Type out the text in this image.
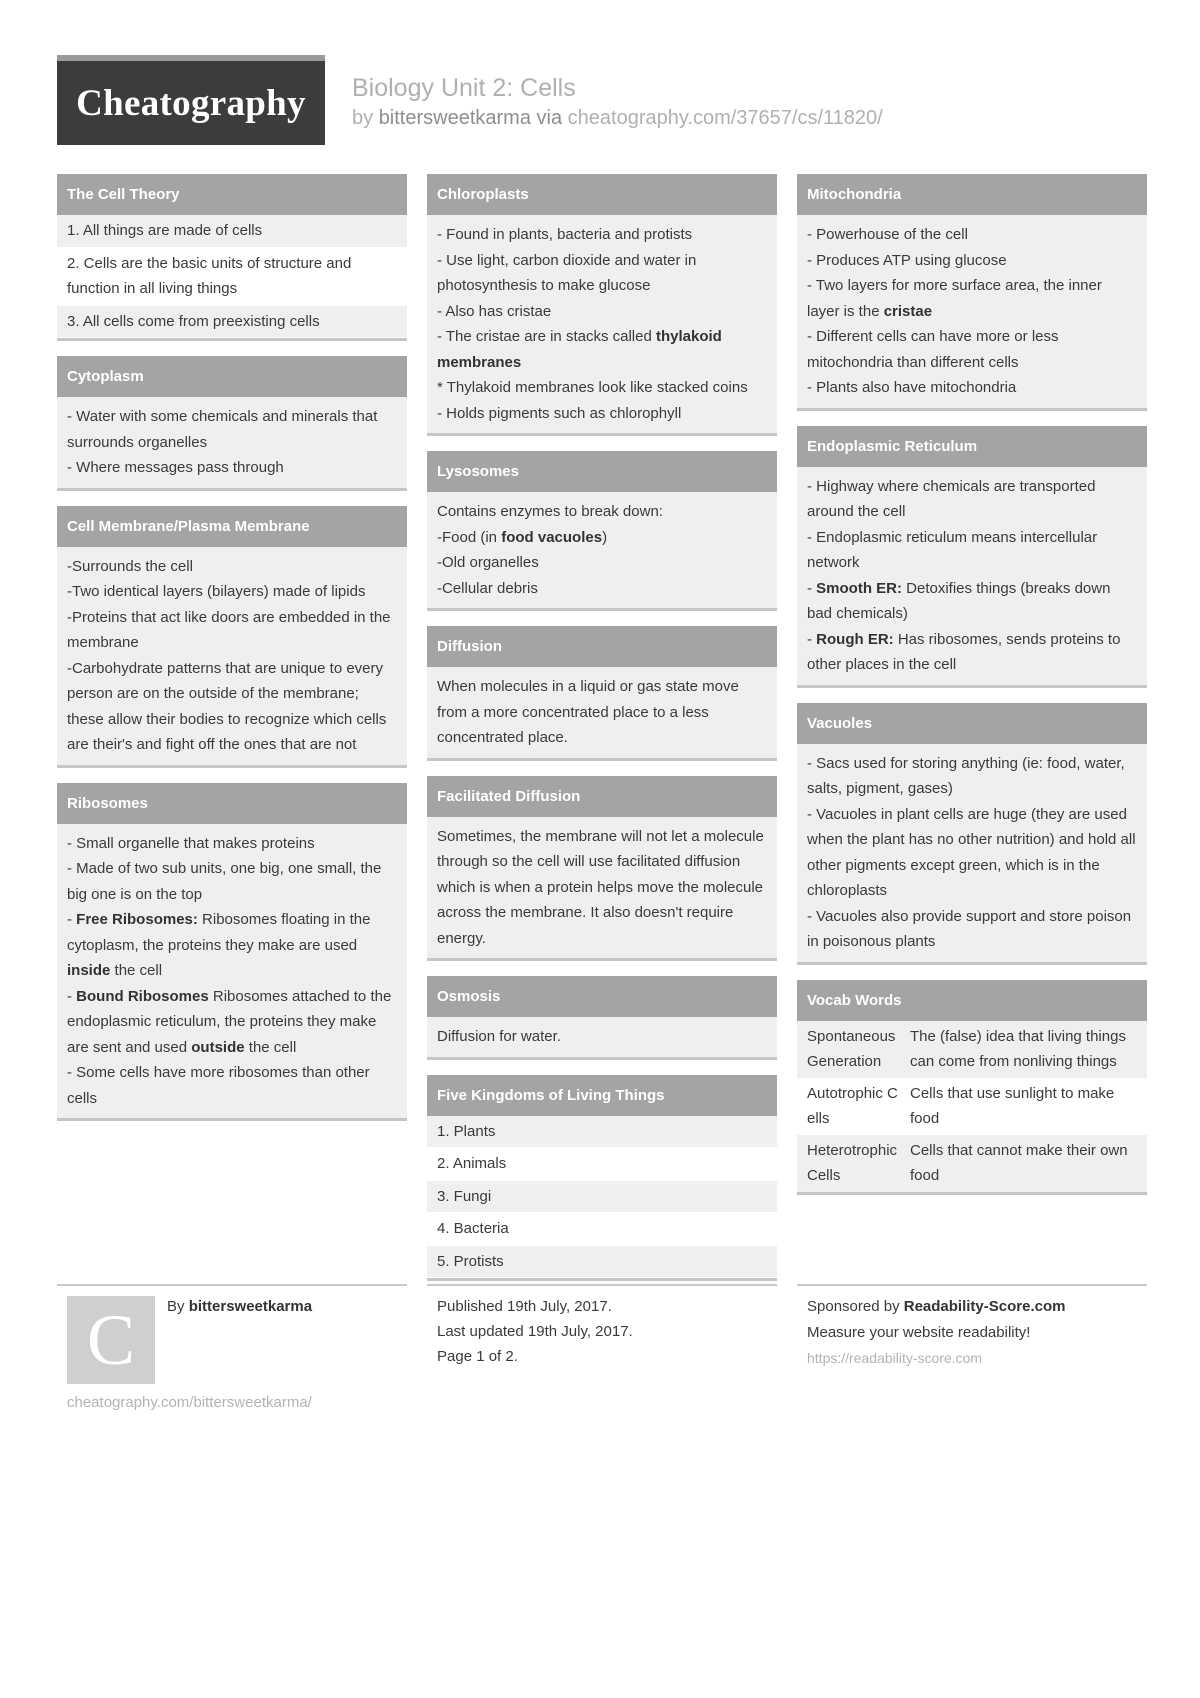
Cheatography Biology Unit 2: Cells
by bittersweetkarma via cheatography.com/37657/cs/11820/
The Cell Theory
1. All things are made of cells
2. Cells are the basic units of structure and function in all living things
3. All cells come from preexisting cells
Cytoplasm
- Water with some chemicals and minerals that surrounds organelles
- Where messages pass through
Cell Membrane/Plasma Membrane
-Surrounds the cell
-Two identical layers (bilayers) made of lipids
-Proteins that act like doors are embedded in the membrane
-Carbohydrate patterns that are unique to every person are on the outside of the membrane; these allow their bodies to recognize which cells are their's and fight off the ones that are not
Ribosomes
- Small organelle that makes proteins
- Made of two sub units, one big, one small, the big one is on the top
- Free Ribosomes: Ribosomes floating in the cytoplasm, the proteins they make are used inside the cell
- Bound Ribosomes Ribosomes attached to the endoplasmic reticulum, the proteins they make are sent and used outside the cell
- Some cells have more ribosomes than other cells
Chloroplasts
- Found in plants, bacteria and protists
- Use light, carbon dioxide and water in photosynthesis to make glucose
- Also has cristae
- The cristae are in stacks called thylakoid membranes
* Thylakoid membranes look like stacked coins
- Holds pigments such as chlorophyll
Lysosomes
Contains enzymes to break down:
-Food (in food vacuoles)
-Old organelles
-Cellular debris
Diffusion
When molecules in a liquid or gas state move from a more concentrated place to a less concentrated place.
Facilitated Diffusion
Sometimes, the membrane will not let a molecule through so the cell will use facilitated diffusion which is when a protein helps move the molecule across the membrane. It also doesn't require energy.
Osmosis
Diffusion for water.
Five Kingdoms of Living Things
1. Plants
2. Animals
3. Fungi
4. Bacteria
5. Protists
Mitochondria
- Powerhouse of the cell
- Produces ATP using glucose
- Two layers for more surface area, the inner layer is the cristae
- Different cells can have more or less mitochondria than different cells
- Plants also have mitochondria
Endoplasmic Reticulum
- Highway where chemicals are transported around the cell
- Endoplasmic reticulum means intercellular network
- Smooth ER: Detoxifies things (breaks down bad chemicals)
- Rough ER: Has ribosomes, sends proteins to other places in the cell
Vacuoles
- Sacs used for storing anything (ie: food, water, salts, pigment, gases)
- Vacuoles in plant cells are huge (they are used when the plant has no other nutrition) and hold all other pigments except green, which is in the chloroplasts
- Vacuoles also provide support and store poison in poisonous plants
Vocab Words
Spontaneous Generation
The (false) idea that living things can come from nonliving things
Autotrophic Cells
Cells that use sunlight to make food
Heterotrophic Cells
Cells that cannot make their own food
C By bittersweetkarma
cheatography.com/bittersweetkarma/
Published 19th July, 2017.
Last updated 19th July, 2017.
Page 1 of 2.
Sponsored by Readability-Score.com
Measure your website readability!
https://readability-score.com
